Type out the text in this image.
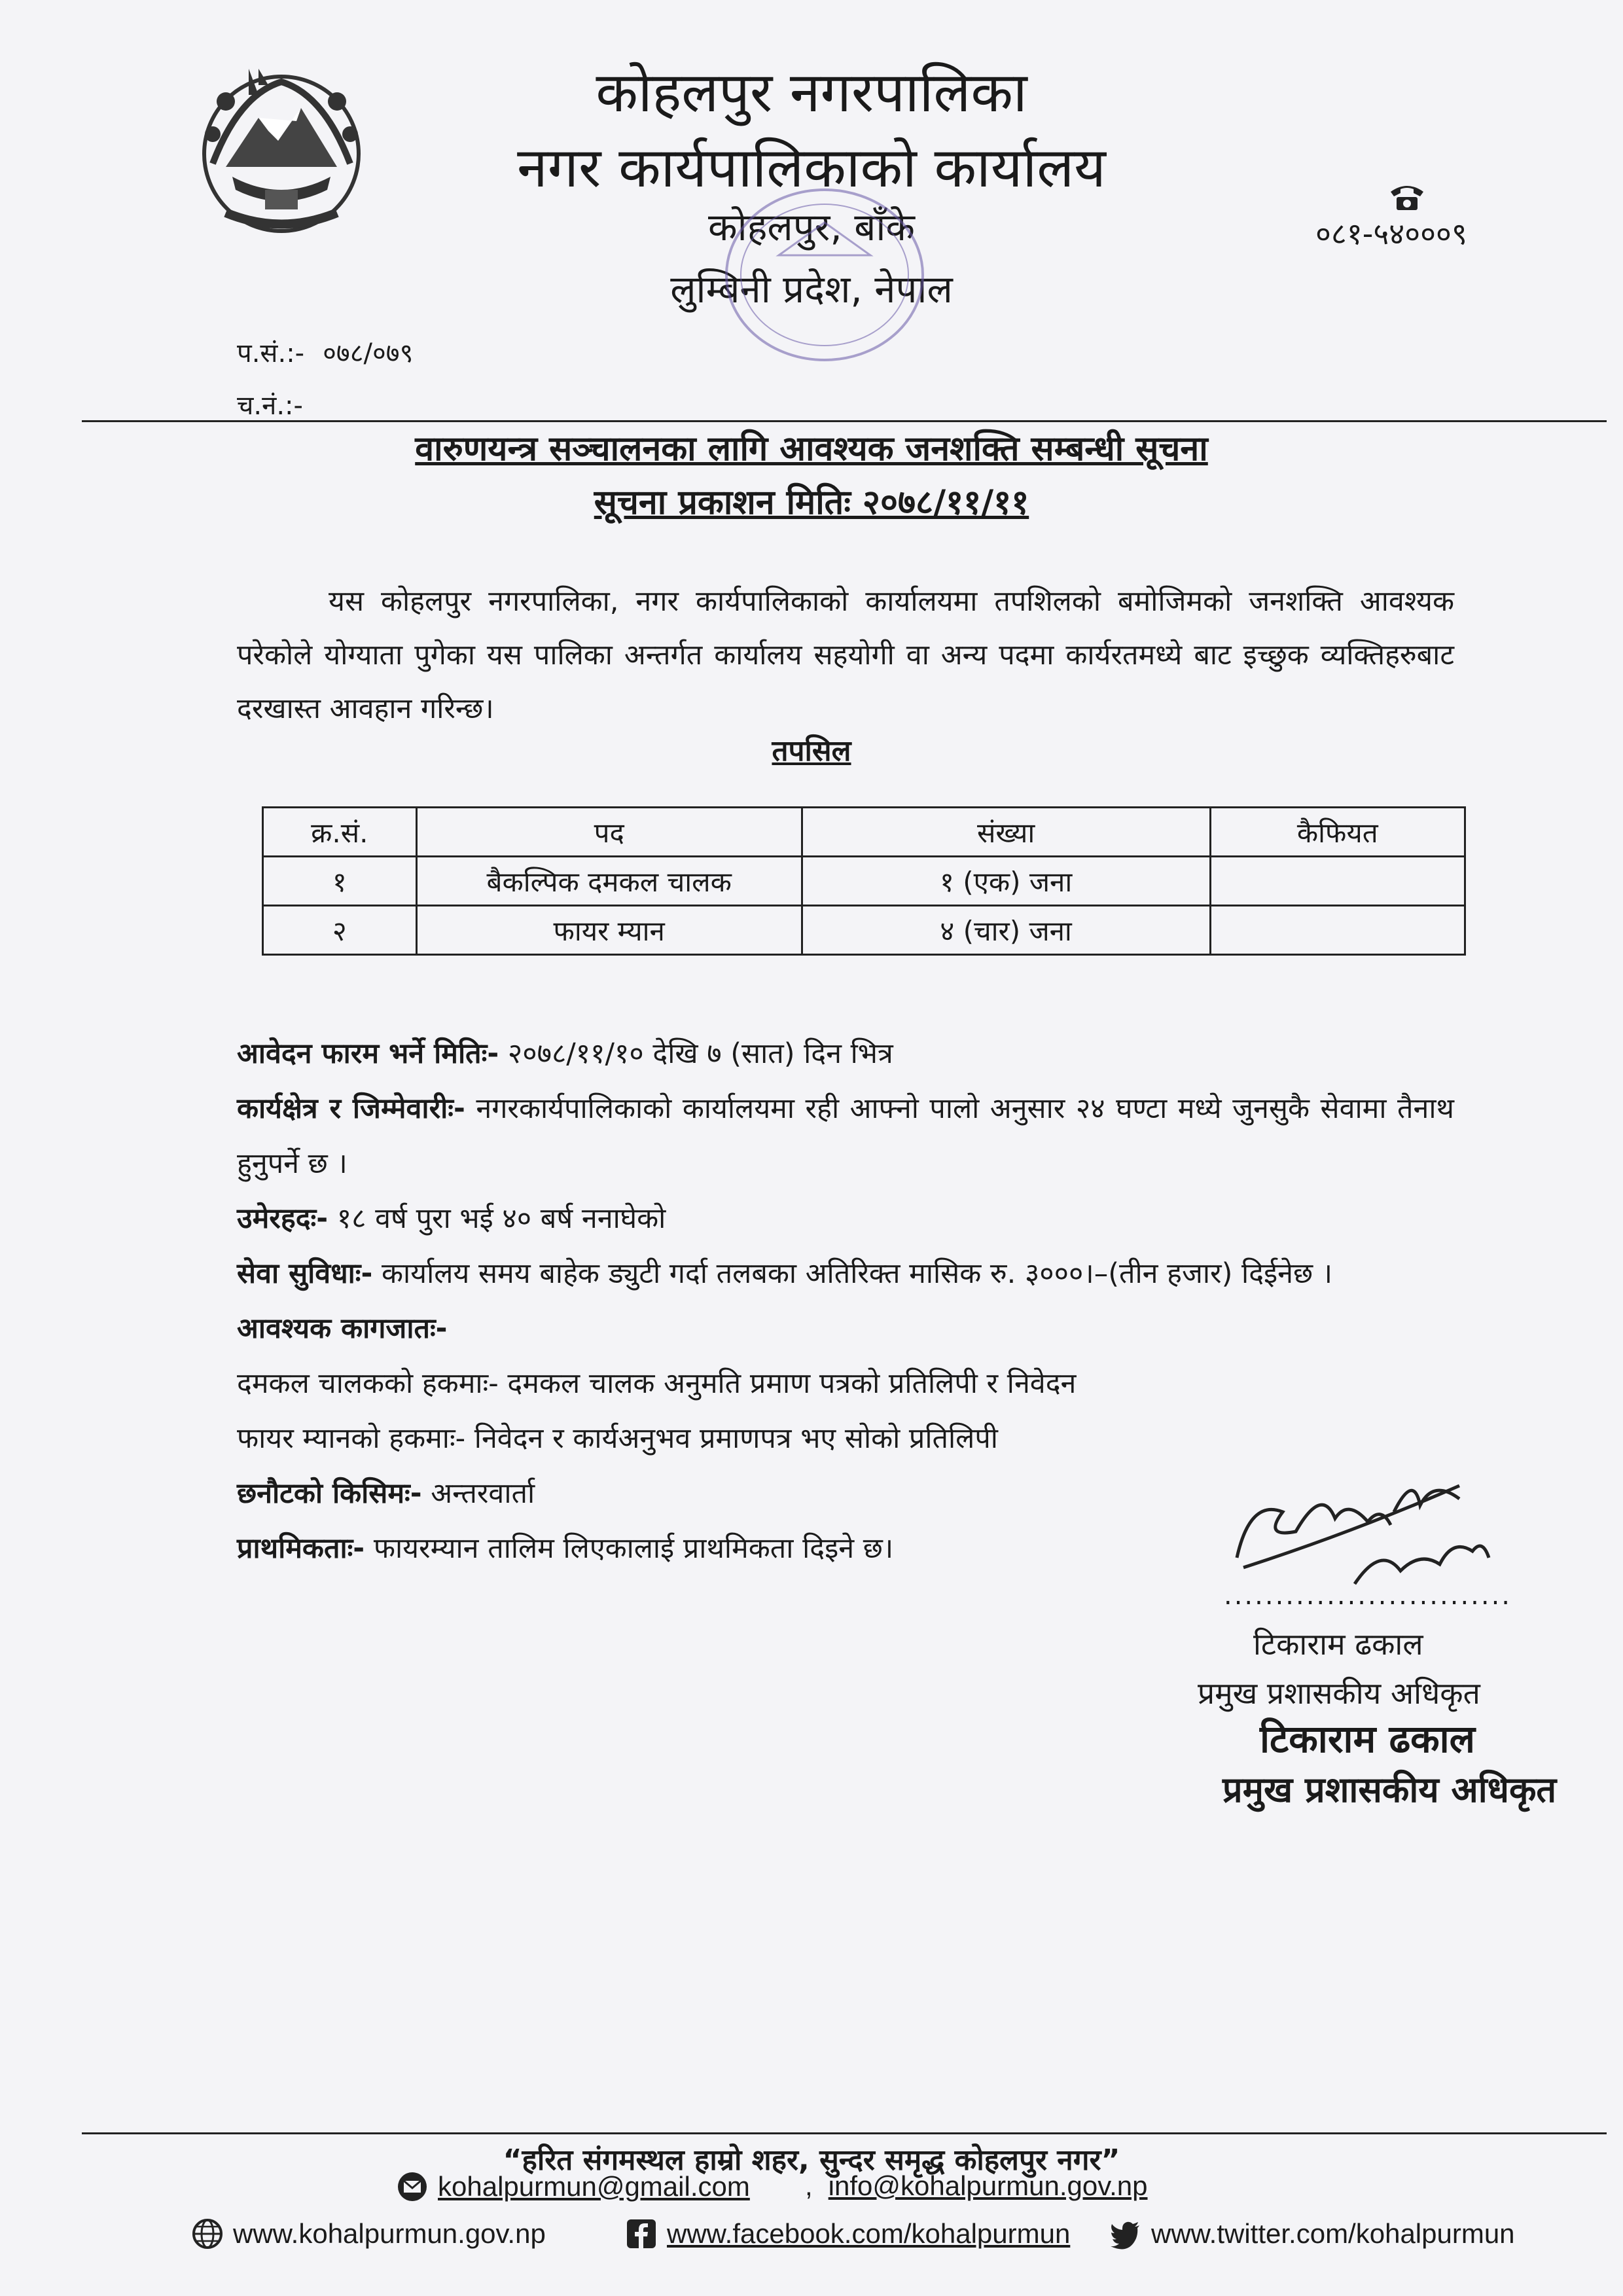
कोहलपुर नगरपालिका
नगर कार्यपालिकाको कार्यालय
कोहलपुर, बाँके
लुम्बिनी प्रदेश, नेपाल
०८१-५४०००९
प.सं.:- ०७८/०७९
च.नं.:-
वारुणयन्त्र सञ्चालनका लागि आवश्यक जनशक्ति सम्बन्धी सूचना
सूचना प्रकाशन मितिः २०७८/११/११
यस कोहलपुर नगरपालिका, नगर कार्यपालिकाको कार्यालयमा तपशिलको बमोजिमको जनशक्ति आवश्यक परेकोले योग्याता पुगेका यस पालिका अन्तर्गत कार्यालय सहयोगी वा अन्य पदमा कार्यरतमध्ये बाट इच्छुक व्यक्तिहरुबाट दरखास्त आवहान गरिन्छ।
तपसिल
क्र.सं.	पद	संख्या	कैफियत
१	बैकल्पिक दमकल चालक	१ (एक) जना	
२	फायर म्यान	४ (चार) जना	

आवेदन फारम भर्ने मितिः- २०७८/११/१० देखि ७ (सात) दिन भित्र

कार्यक्षेत्र र जिम्मेवारीः- नगरकार्यपालिकाको कार्यालयमा रही आफ्नो पालो अनुसार २४ घण्टा मध्ये जुनसुकै सेवामा तैनाथ हुनुपर्ने छ ।

उमेरहदः- १८ वर्ष पुरा भई ४० बर्ष ननाघेको

सेवा सुविधाः- कार्यालय समय बाहेक ड्युटी गर्दा तलबका अतिरिक्त मासिक रु. ३०००।–(तीन हजार) दिईनेछ ।

आवश्यक कागजातः-

दमकल चालकको हकमाः- दमकल चालक अनुमति प्रमाण पत्रको प्रतिलिपी र निवेदन

फायर म्यानको हकमाः- निवेदन र कार्यअनुभव प्रमाणपत्र भए सोको प्रतिलिपी

छनौटको किसिमः- अन्तरवार्ता

प्राथमिकताः- फायरम्यान तालिम लिएकालाई प्राथमिकता दिइने छ।

............................
टिकाराम ढकाल
प्रमुख प्रशासकीय अधिकृत
टिकाराम ढकाल
प्रमुख प्रशासकीय अधिकृत
“हरित संगमस्थल हाम्रो शहर, सुन्दर समृद्ध कोहलपुर नगर”
kohalpurmun@gmail.com , info@kohalpurmun.gov.np
www.kohalpurmun.gov.np	www.facebook.com/kohalpurmun	www.twitter.com/kohalpurmun
